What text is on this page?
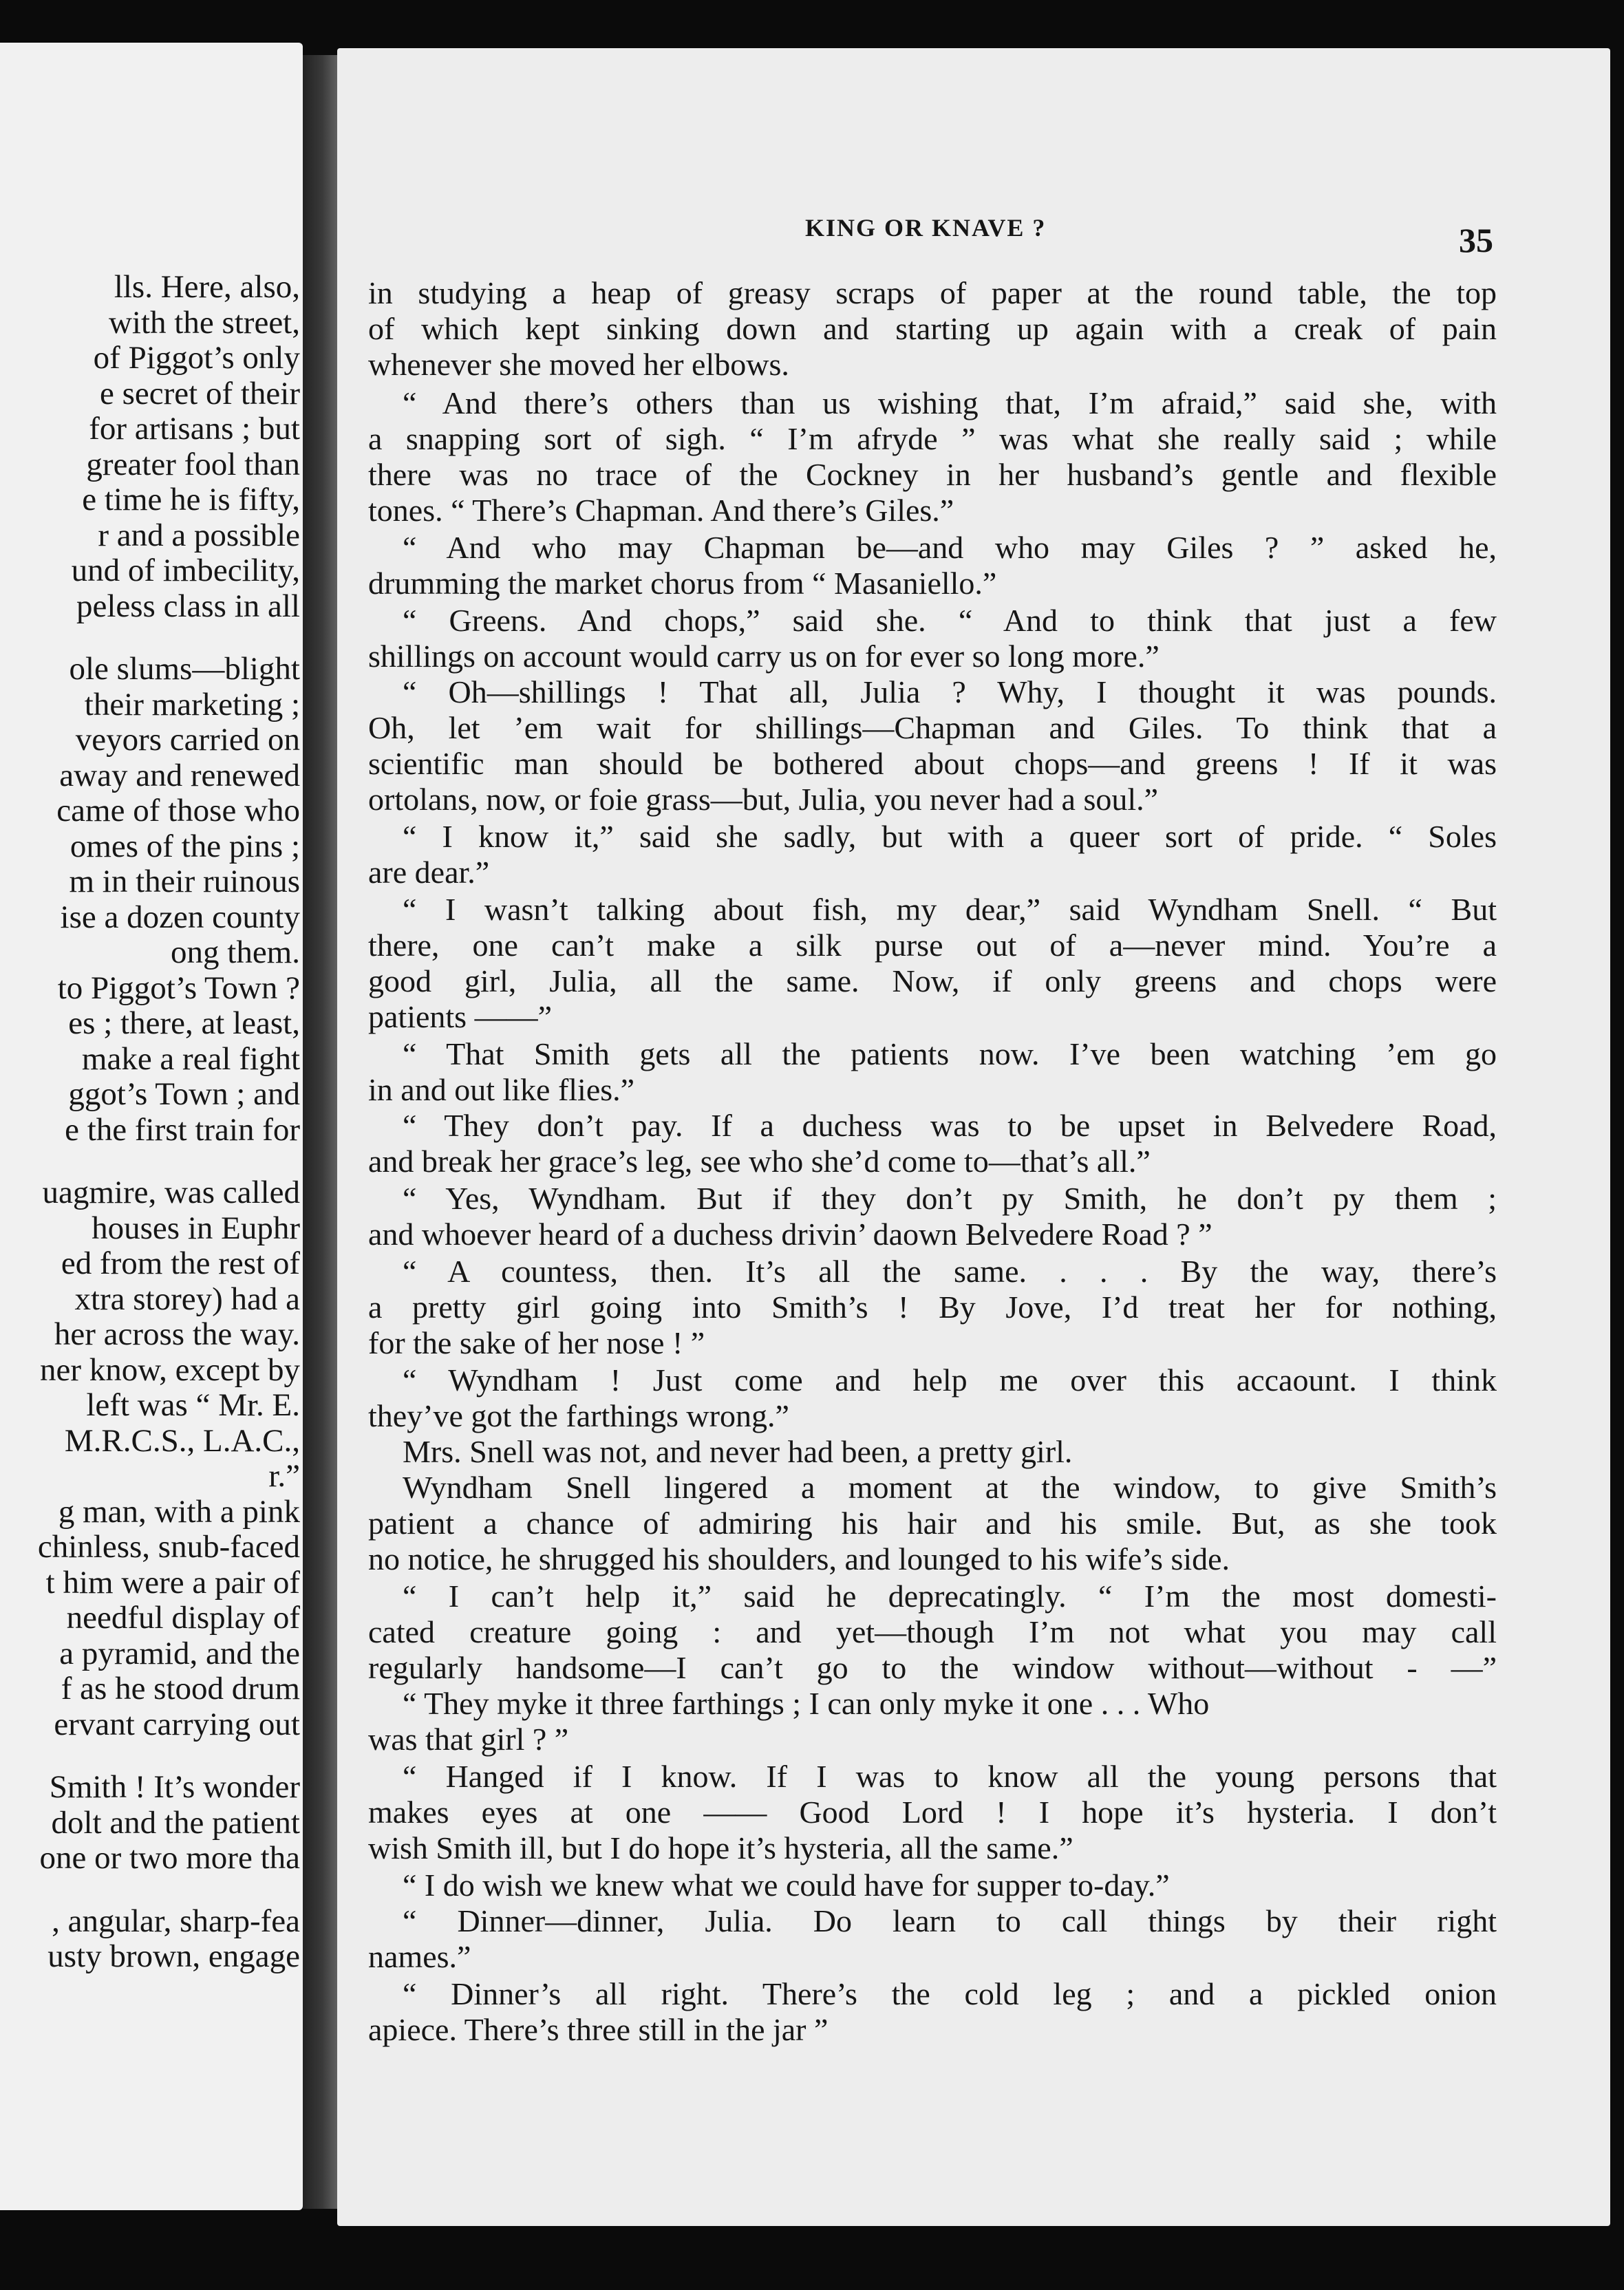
lls. Here, also,
with the street,
of Piggot’s only
e secret of their
for artisans ; but
greater fool than
e time he is fifty,
r and a possible
und of imbecility,
peless class in all
ole slums—blight
their marketing ;
veyors carried on
away and renewed
came of those who
omes of the pins ;
m in their ruinous
ise a dozen county
ong them.
to Piggot’s Town ?
es ; there, at least,
make a real fight
ggot’s Town ; and
e the first train for
uagmire, was called
houses in Euphr
ed from the rest of
xtra storey) had a
her across the way.
ner know, except by
left was “ Mr. E.
M.R.C.S., L.A.C.,
r.”
g man, with a pink
chinless, snub-faced
t him were a pair of
needful display of
a pyramid, and the
f as he stood drum
ervant carrying out
Smith ! It’s wonder
dolt and the patient
one or two more tha
, angular, sharp-fea
usty brown, engage
KING OR KNAVE ?	35
in studying a heap of greasy scraps of paper at the round table, the top
of which kept sinking down and starting up again with a creak of pain
whenever she moved her elbows.
“ And there’s others than us wishing that, I’m afraid,” said she, with
a snapping sort of sigh. “ I’m afryde ” was what she really said ; while
there was no trace of the Cockney in her husband’s gentle and flexible
tones. “ There’s Chapman. And there’s Giles.”
“ And who may Chapman be—and who may Giles ? ” asked he,
drumming the market chorus from “ Masaniello.”
“ Greens. And chops,” said she. “ And to think that just a few
shillings on account would carry us on for ever so long more.”
“ Oh—shillings ! That all, Julia ? Why, I thought it was pounds.
Oh, let ’em wait for shillings—Chapman and Giles. To think that a
scientific man should be bothered about chops—and greens ! If it was
ortolans, now, or foie grass—but, Julia, you never had a soul.”
“ I know it,” said she sadly, but with a queer sort of pride. “ Soles
are dear.”
“ I wasn’t talking about fish, my dear,” said Wyndham Snell. “ But
there, one can’t make a silk purse out of a—never mind. You’re a
good girl, Julia, all the same. Now, if only greens and chops were
patients ——”
“ That Smith gets all the patients now. I’ve been watching ’em go
in and out like flies.”
“ They don’t pay. If a duchess was to be upset in Belvedere Road,
and break her grace’s leg, see who she’d come to—that’s all.”
“ Yes, Wyndham. But if they don’t py Smith, he don’t py them ;
and whoever heard of a duchess drivin’ daown Belvedere Road ? ”
“ A countess, then. It’s all the same. . . . By the way, there’s
a pretty girl going into Smith’s ! By Jove, I’d treat her for nothing,
for the sake of her nose ! ”
“ Wyndham ! Just come and help me over this accaount. I think
they’ve got the farthings wrong.”
Mrs. Snell was not, and never had been, a pretty girl.
Wyndham Snell lingered a moment at the window, to give Smith’s
patient a chance of admiring his hair and his smile. But, as she took
no notice, he shrugged his shoulders, and lounged to his wife’s side.
“ I can’t help it,” said he deprecatingly. “ I’m the most domesti-
cated creature going : and yet—though I’m not what you may call
regularly handsome—I can’t go to the window without—without - —”
“ They myke it three farthings ; I can only myke it one . . . Who
was that girl ? ”
“ Hanged if I know. If I was to know all the young persons that
makes eyes at one —— Good Lord ! I hope it’s hysteria. I don’t
wish Smith ill, but I do hope it’s hysteria, all the same.”
“ I do wish we knew what we could have for supper to-day.”
“ Dinner—dinner, Julia. Do learn to call things by their right
names.”
“ Dinner’s all right. There’s the cold leg ; and a pickled onion
apiece. There’s three still in the jar ”
